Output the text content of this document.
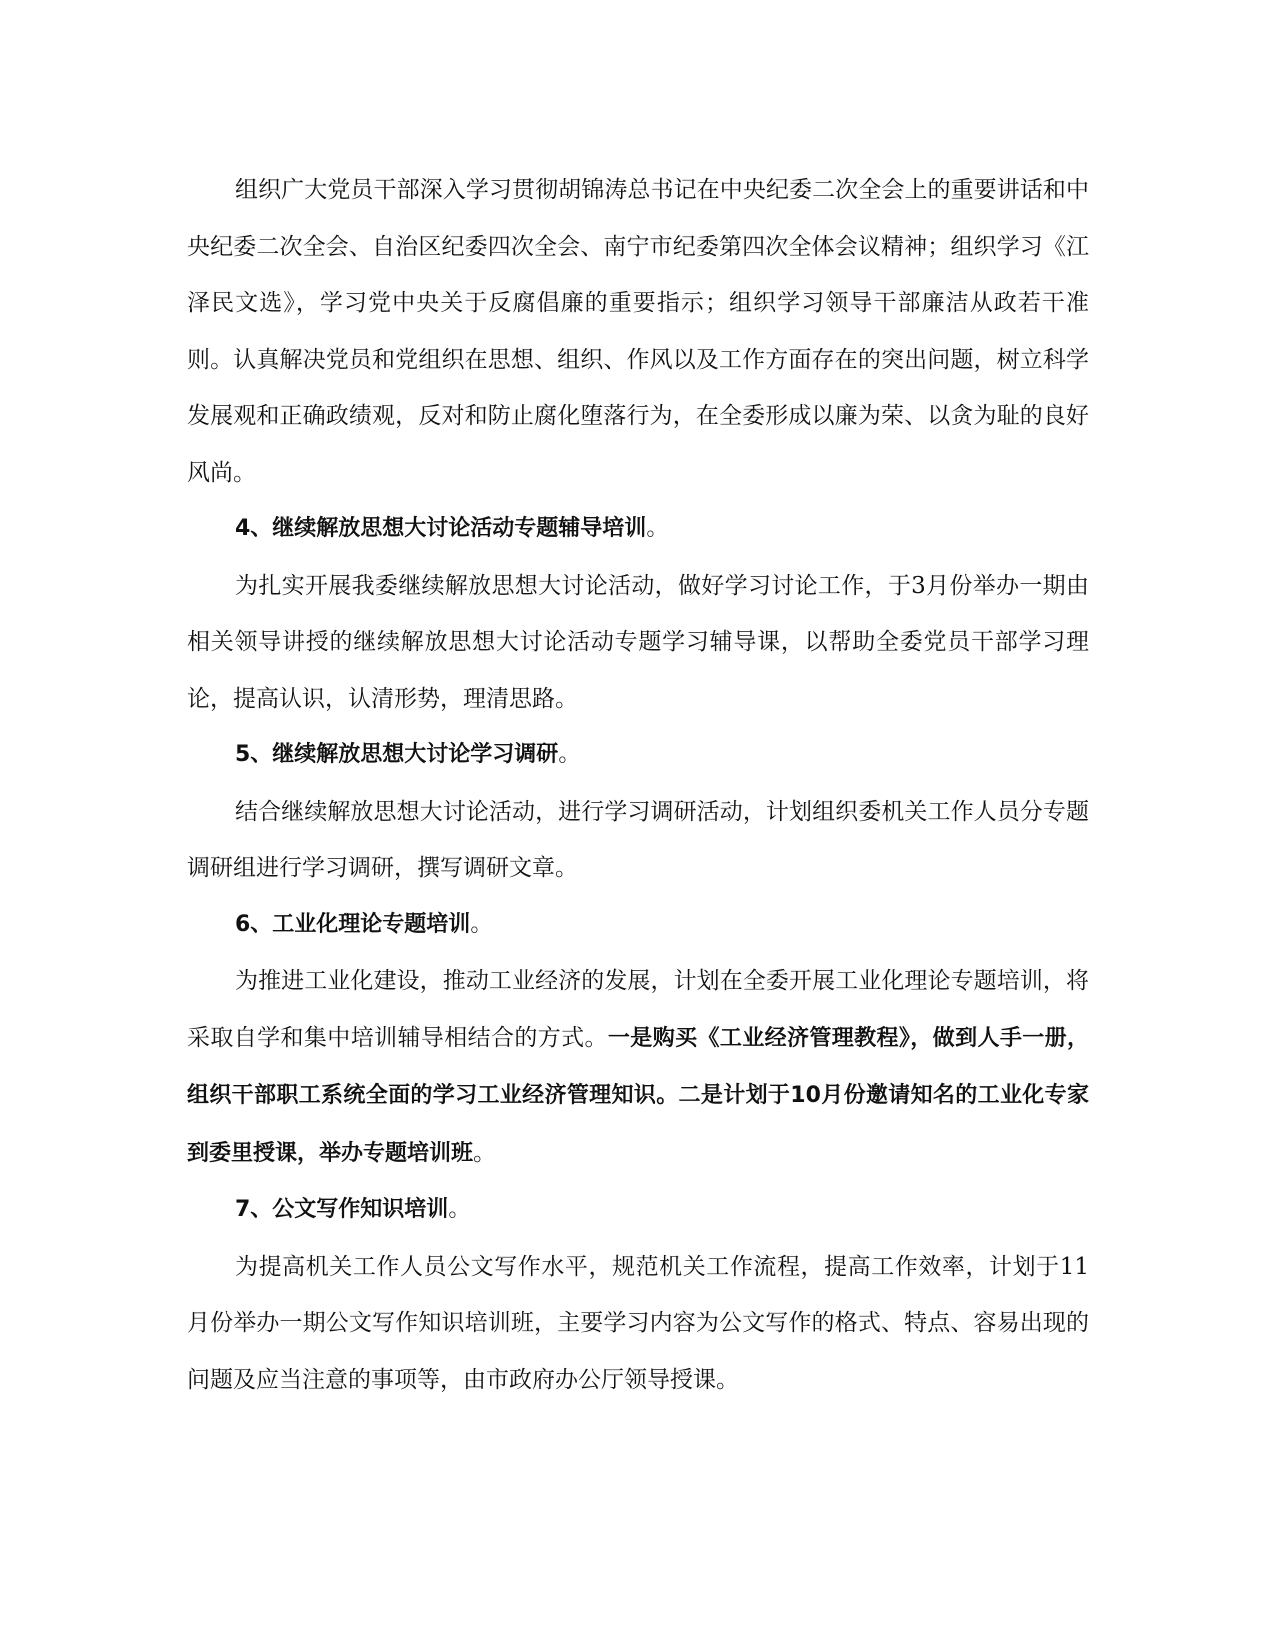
组织广大党员干部深入学习贯彻胡锦涛总书记在中央纪委二次全会上的重要讲话和中央纪委二次全会、自治区纪委四次全会、南宁市纪委第四次全体会议精神；组织学习《江泽民文选》，学习党中央关于反腐倡廉的重要指示；组织学习领导干部廉洁从政若干准则。认真解决党员和党组织在思想、组织、作风以及工作方面存在的突出问题，树立科学发展观和正确政绩观，反对和防止腐化堕落行为，在全委形成以廉为荣、以贪为耻的良好风尚。

4、继续解放思想大讨论活动专题辅导培训。

为扎实开展我委继续解放思想大讨论活动，做好学习讨论工作，于3月份举办一期由相关领导讲授的继续解放思想大讨论活动专题学习辅导课，以帮助全委党员干部学习理论，提高认识，认清形势，理清思路。

5、继续解放思想大讨论学习调研。

结合继续解放思想大讨论活动，进行学习调研活动，计划组织委机关工作人员分专题调研组进行学习调研，撰写调研文章。

6、工业化理论专题培训。

为推进工业化建设，推动工业经济的发展，计划在全委开展工业化理论专题培训，将采取自学和集中培训辅导相结合的方式。一是购买《工业经济管理教程》，做到人手一册，组织干部职工系统全面的学习工业经济管理知识。二是计划于10月份邀请知名的工业化专家到委里授课，举办专题培训班。

7、公文写作知识培训。

为提高机关工作人员公文写作水平，规范机关工作流程，提高工作效率，计划于11月份举办一期公文写作知识培训班，主要学习内容为公文写作的格式、特点、容易出现的问题及应当注意的事项等，由市政府办公厅领导授课。
